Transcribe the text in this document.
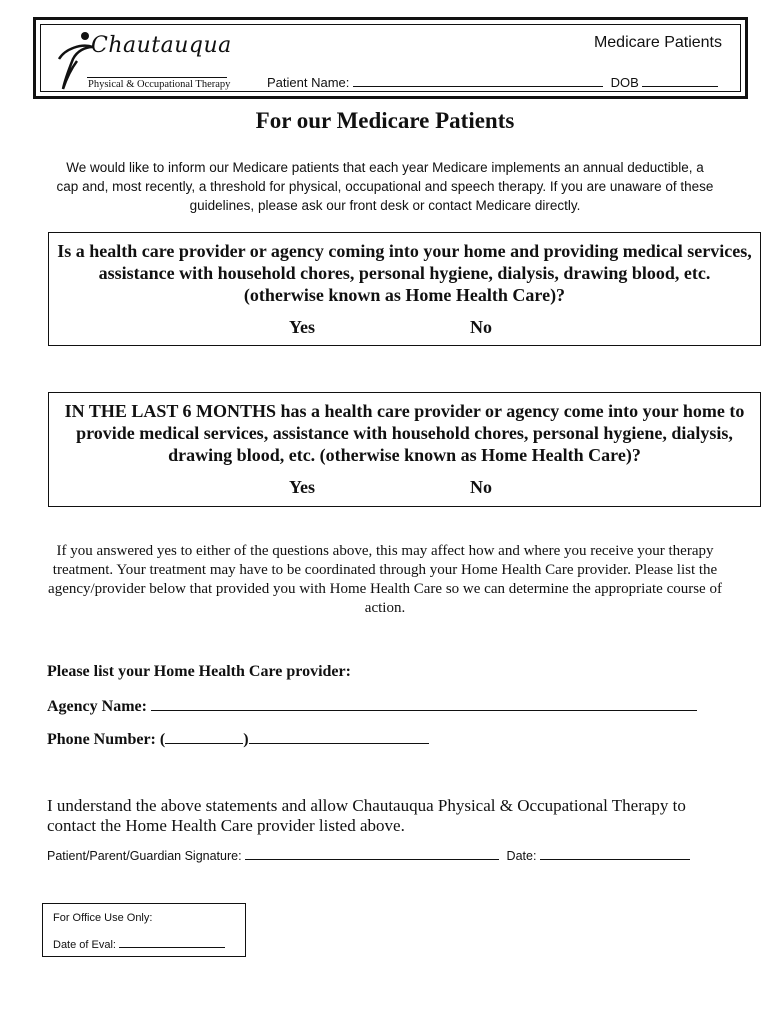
Chautauqua
Physical & Occupational Therapy
Medicare Patients
Patient Name:	DOB
For our Medicare Patients
We would like to inform our Medicare patients that each year Medicare implements an annual deductible, a cap and, most recently, a threshold for physical, occupational and speech therapy. If you are unaware of these guidelines, please ask our front desk or contact Medicare directly.
Is a health care provider or agency coming into your home and providing medical services, assistance with household chores, personal hygiene, dialysis, drawing blood, etc. (otherwise known as Home Health Care)?
Yes	No
IN THE LAST 6 MONTHS has a health care provider or agency come into your home to provide medical services, assistance with household chores, personal hygiene, dialysis, drawing blood, etc. (otherwise known as Home Health Care)?
Yes	No
If you answered yes to either of the questions above, this may affect how and where you receive your therapy treatment. Your treatment may have to be coordinated through your Home Health Care provider. Please list the agency/provider below that provided you with Home Health Care so we can determine the appropriate course of action.
Please list your Home Health Care provider:
Agency Name:
Phone Number: (	)
I understand the above statements and allow Chautauqua Physical & Occupational Therapy to contact the Home Health Care provider listed above.
Patient/Parent/Guardian Signature:	Date:
For Office Use Only:
Date of Eval:
